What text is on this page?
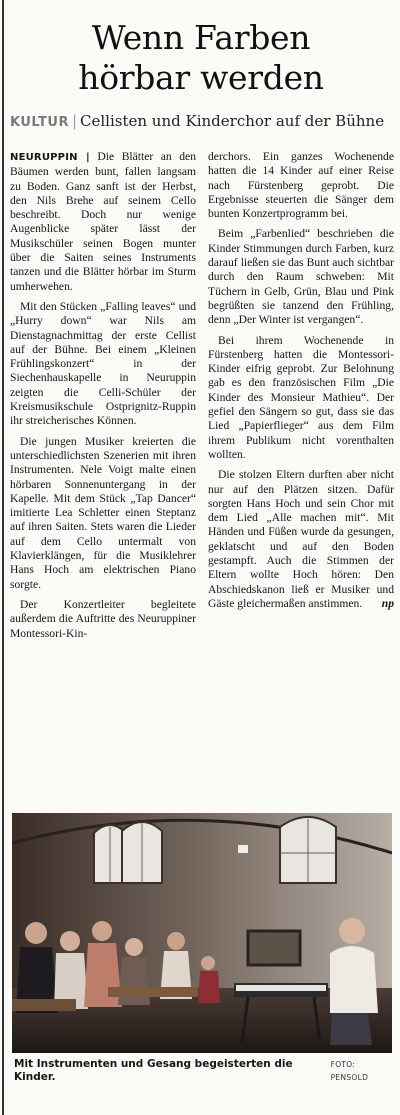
Wenn Farben
hörbar werden
KULTUR | Cellisten und Kinderchor auf der Bühne

NEURUPPIN | Die Blätter an den Bäumen werden bunt, fallen langsam zu Boden. Ganz sanft ist der Herbst, den Nils Brehe auf seinem Cello beschreibt. Doch nur wenige Augenblicke später lässt der Musikschüler seinen Bogen munter über die Saiten seines Instruments tanzen und die Blätter hörbar im Sturm umherwehen.

Mit den Stücken „Falling leaves“ und „Hurry down“ war Nils am Dienstagnachmittag der erste Cellist auf der Bühne. Bei einem „Kleinen Frühlingskonzert“ in der Siechenhauskapelle in Neuruppin zeigten die Celli-Schüler der Kreismusikschule Ostprignitz-Ruppin ihr streicherisches Können.

Die jungen Musiker kreierten die unterschiedlichsten Szenerien mit ihren Instrumenten. Nele Voigt malte einen hörbaren Sonnenuntergang in der Kapelle. Mit dem Stück „Tap Dancer“ imitierte Lea Schletter einen Steptanz auf ihren Saiten. Stets waren die Lieder auf dem Cello untermalt von Klavierklängen, für die Musiklehrer Hans Hoch am elektrischen Piano sorgte.

Der Konzertleiter begleitete außerdem die Auftritte des Neuruppiner Montessori-Kin-

derchors. Ein ganzes Wochenende hatten die 14 Kinder auf einer Reise nach Fürstenberg geprobt. Die Ergebnisse steuerten die Sänger dem bunten Konzertprogramm bei.

Beim „Farbenlied“ beschrieben die Kinder Stimmungen durch Farben, kurz darauf ließen sie das Bunt auch sichtbar durch den Raum schweben: Mit Tüchern in Gelb, Grün, Blau und Pink begrüßten sie tanzend den Frühling, denn „Der Winter ist vergangen“.

Bei ihrem Wochenende in Fürstenberg hatten die Montessori-Kinder eifrig geprobt. Zur Belohnung gab es den französischen Film „Die Kinder des Monsieur Mathieu“. Der gefiel den Sängern so gut, dass sie das Lied „Papierflieger“ aus dem Film ihrem Publikum nicht vorenthalten wollten.

Die stolzen Eltern durften aber nicht nur auf den Plätzen sitzen. Dafür sorgten Hans Hoch und sein Chor mit dem Lied „Alle machen mit“. Mit Händen und Füßen wurde da gesungen, geklatscht und auf den Boden gestampft. Auch die Stimmen der Eltern wollte Hoch hören: Den Abschiedskanon ließ er Musiker und Gäste gleichermaßen anstimmen.	np

Mit Instrumenten und Gesang begeisterten die Kinder.
FOTO: PENSOLD
